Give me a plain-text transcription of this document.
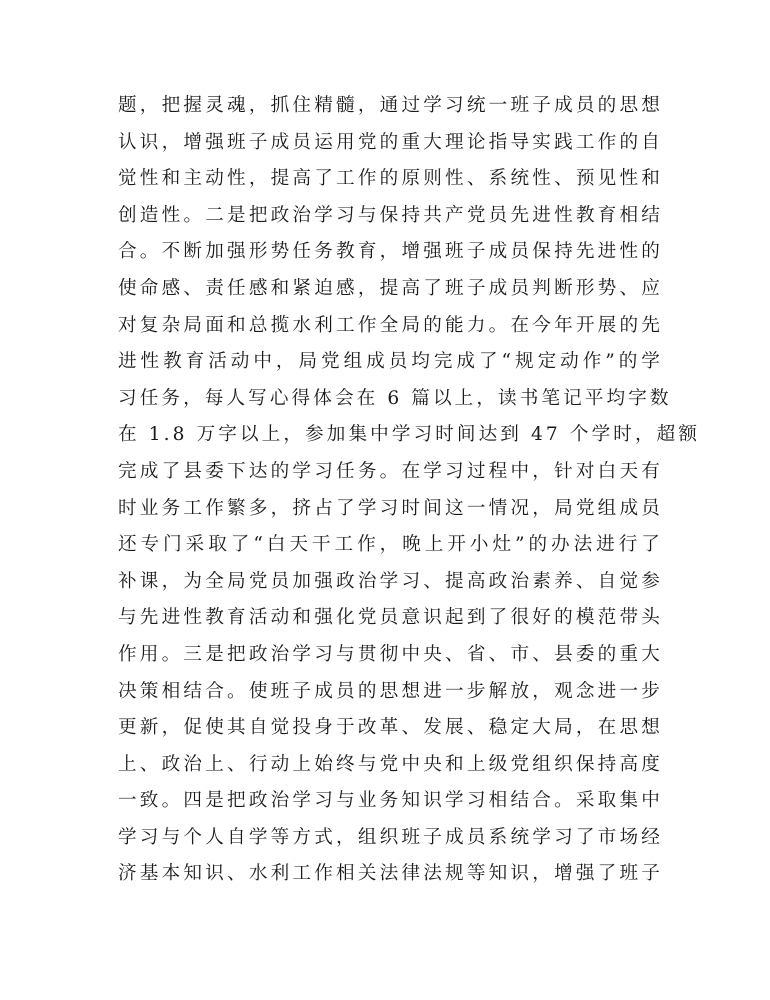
题，把握灵魂，抓住精髓，通过学习统一班子成员的思想
认识，增强班子成员运用党的重大理论指导实践工作的自
觉性和主动性，提高了工作的原则性、系统性、预见性和
创造性。二是把政治学习与保持共产党员先进性教育相结
合。不断加强形势任务教育，增强班子成员保持先进性的
使命感、责任感和紧迫感，提高了班子成员判断形势、应
对复杂局面和总揽水利工作全局的能力。在今年开展的先
进性教育活动中，局党组成员均完成了“规定动作”的学
习任务，每人写心得体会在 6 篇以上，读书笔记平均字数
在 1.8 万字以上，参加集中学习时间达到 47 个学时，超额
完成了县委下达的学习任务。在学习过程中，针对白天有
时业务工作繁多，挤占了学习时间这一情况，局党组成员
还专门采取了“白天干工作，晚上开小灶”的办法进行了
补课，为全局党员加强政治学习、提高政治素养、自觉参
与先进性教育活动和强化党员意识起到了很好的模范带头
作用。三是把政治学习与贯彻中央、省、市、县委的重大
决策相结合。使班子成员的思想进一步解放，观念进一步
更新，促使其自觉投身于改革、发展、稳定大局，在思想
上、政治上、行动上始终与党中央和上级党组织保持高度
一致。四是把政治学习与业务知识学习相结合。采取集中
学习与个人自学等方式，组织班子成员系统学习了市场经
济基本知识、水利工作相关法律法规等知识，增强了班子
